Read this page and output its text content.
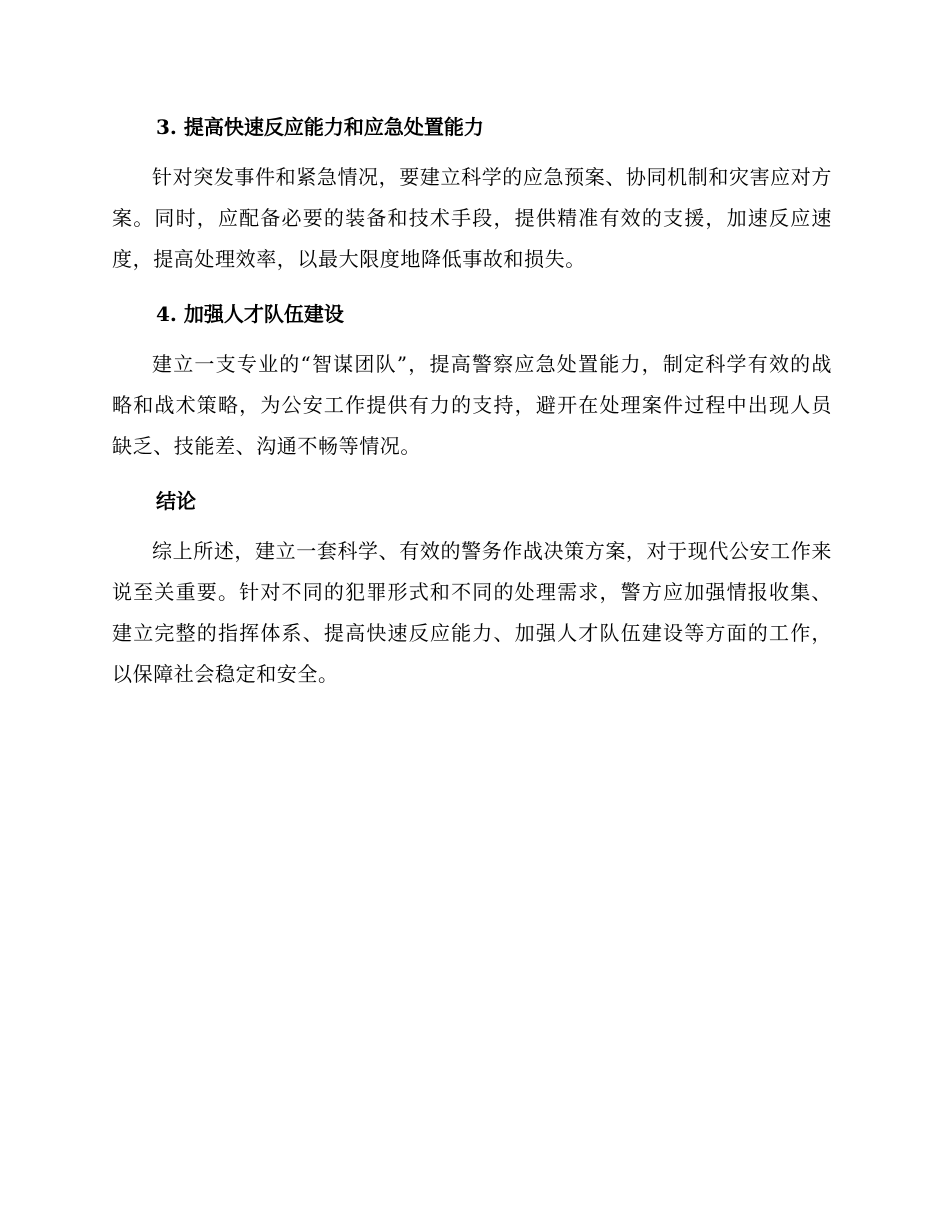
3. 提高快速反应能力和应急处置能力

针对突发事件和紧急情况，要建立科学的应急预案、协同机制和灾害应对方案。同时，应配备必要的装备和技术手段，提供精准有效的支援，加速反应速度，提高处理效率，以最大限度地降低事故和损失。

4. 加强人才队伍建设

建立一支专业的“智谋团队”，提高警察应急处置能力，制定科学有效的战略和战术策略，为公安工作提供有力的支持，避开在处理案件过程中出现人员缺乏、技能差、沟通不畅等情况。

结论

综上所述，建立一套科学、有效的警务作战决策方案，对于现代公安工作来说至关重要。针对不同的犯罪形式和不同的处理需求，警方应加强情报收集、建立完整的指挥体系、提高快速反应能力、加强人才队伍建设等方面的工作，以保障社会稳定和安全。
